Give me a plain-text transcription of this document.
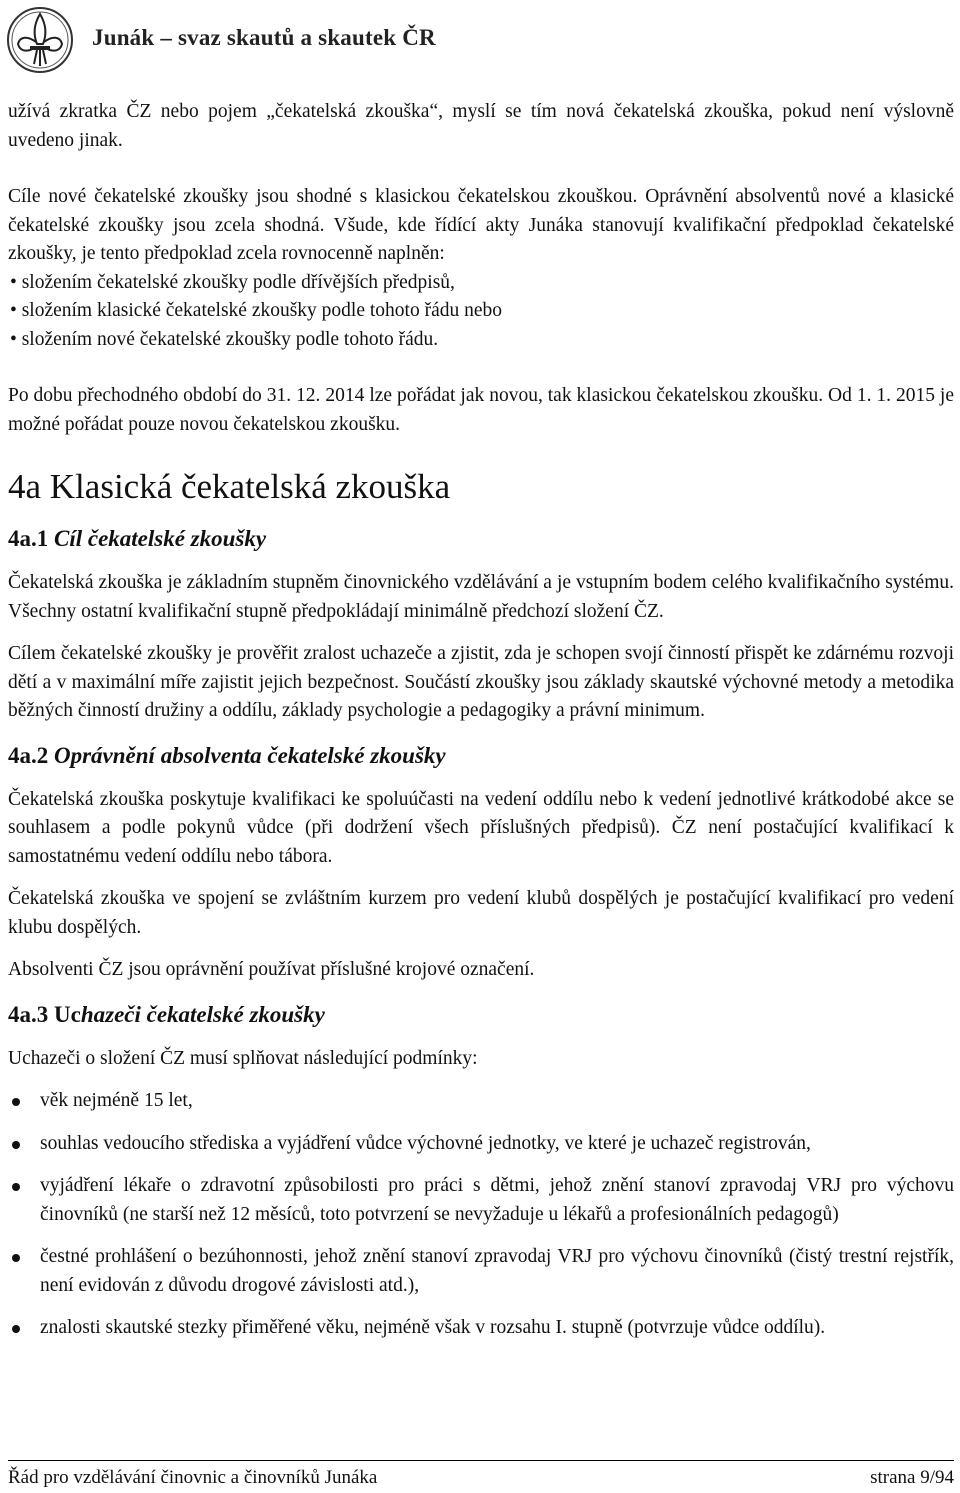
Junák – svaz skautů a skautek ČR

užívá zkratka ČZ nebo pojem „čekatelská zkouška“, myslí se tím nová čekatelská zkouška, pokud není výslovně uvedeno jinak.

Cíle nové čekatelské zkoušky jsou shodné s klasickou čekatelskou zkouškou. Oprávnění absolventů nové a klasické čekatelské zkoušky jsou zcela shodná. Všude, kde řídící akty Junáka stanovují kvalifikační předpoklad čekatelské zkoušky, je tento předpoklad zcela rovnocenně naplněn:

• složením čekatelské zkoušky podle dřívějších předpisů,
• složením klasické čekatelské zkoušky podle tohoto řádu nebo
• složením nové čekatelské zkoušky podle tohoto řádu.

Po dobu přechodného období do 31. 12. 2014 lze pořádat jak novou, tak klasickou čekatelskou zkoušku. Od 1. 1. 2015 je možné pořádat pouze novou čekatelskou zkoušku.

4a Klasická čekatelská zkouška
4a.1 Cíl čekatelské zkoušky

Čekatelská zkouška je základním stupněm činovnického vzdělávání a je vstupním bodem celého kvalifikačního systému. Všechny ostatní kvalifikační stupně předpokládají minimálně předchozí složení ČZ.

Cílem čekatelské zkoušky je prověřit zralost uchazeče a zjistit, zda je schopen svojí činností přispět ke zdárnému rozvoji dětí a v maximální míře zajistit jejich bezpečnost. Součástí zkoušky jsou základy skautské výchovné metody a metodika běžných činností družiny a oddílu, základy psychologie a pedagogiky a právní minimum.

4a.2 Oprávnění absolventa čekatelské zkoušky

Čekatelská zkouška poskytuje kvalifikaci ke spoluúčasti na vedení oddílu nebo k vedení jednotlivé krátkodobé akce se souhlasem a podle pokynů vůdce (při dodržení všech příslušných předpisů). ČZ není postačující kvalifikací k samostatnému vedení oddílu nebo tábora.

Čekatelská zkouška ve spojení se zvláštním kurzem pro vedení klubů dospělých je postačující kvalifikací pro vedení klubu dospělých.

Absolventi ČZ jsou oprávnění používat příslušné krojové označení.

4a.3 Uchazeči čekatelské zkoušky

Uchazeči o složení ČZ musí splňovat následující podmínky:

věk nejméně 15 let,
souhlas vedoucího střediska a vyjádření vůdce výchovné jednotky, ve které je uchazeč registrován,
vyjádření lékaře o zdravotní způsobilosti pro práci s dětmi, jehož znění stanoví zpravodaj VRJ pro výchovu činovníků (ne starší než 12 měsíců, toto potvrzení se nevyžaduje u lékařů a profesionálních pedagogů)
čestné prohlášení o bezúhonnosti, jehož znění stanoví zpravodaj VRJ pro výchovu činovníků (čistý trestní rejstřík, není evidován z důvodu drogové závislosti atd.),
znalosti skautské stezky přiměřené věku, nejméně však v rozsahu I. stupně (potvrzuje vůdce oddílu).
Řád pro vzdělávání činovnic a činovníků Junáka	strana 9/94
